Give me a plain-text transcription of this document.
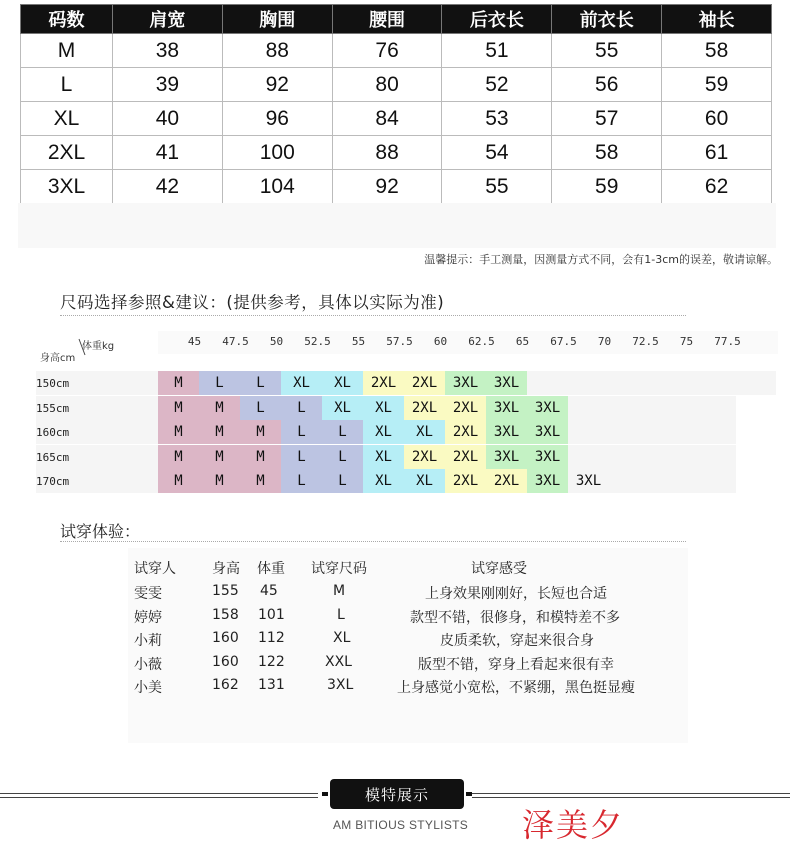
码数	肩宽	胸围	腰围	后衣长	前衣长	袖长
M	38	88	76	51	55	58
L	39	92	80	52	56	59
XL	40	96	84	53	57	60
2XL	41	100	88	54	58	61
3XL	42	104	92	55	59	62
温馨提示：手工测量，因测量方式不同，会有1-3cm的误差，敬请谅解。
尺码选择参照&建议：(提供参考，具体以实际为准)
体重kg
身高cm
45 47.5 50 52.5 55 57.5 60 62.5 65 67.5 70 72.5 75 77.5
150cm	M	L	L	XL	XL	2XL	2XL	3XL	3XL
155cm	M	M	L	L	XL	XL	2XL	2XL	3XL	3XL
160cm	M	M	M	L	L	XL	XL	2XL	3XL	3XL
165cm	M	M	M	L	L	XL	2XL	2XL	3XL	3XL
170cm	M	M	M	L	L	XL	XL	2XL	2XL	3XL	3XL
试穿体验：
试穿人	身高 体重 试穿尺码	试穿感受
雯雯	155 45	M	上身效果刚刚好，长短也合适
婷婷	158 101	L	款型不错，很修身，和模特差不多
小莉	160 112	XL	皮质柔软，穿起来很合身
小薇	160 122	XXL	版型不错，穿身上看起来很有幸
小美	162 131	3XL	上身感觉小宽松，不紧绷，黑色挺显瘦
模特展示
AM BITIOUS STYLISTS 泽美夕
